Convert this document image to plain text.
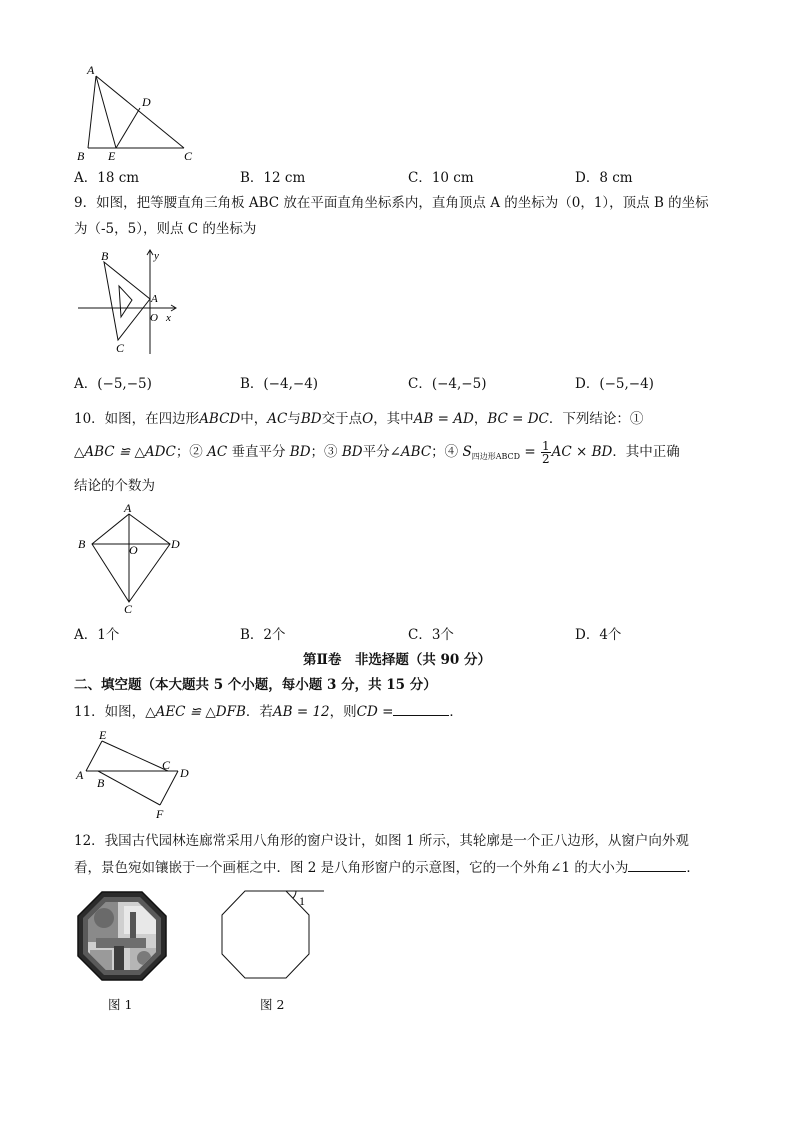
A
D
B E	C
A．18 cm	B．12 cm	C．10 cm	D．8 cm
9．如图，把等腰直角三角板 ABC 放在平面直角坐标系内，直角顶点 A 的坐标为（0，1），顶点 B 的坐标
为（-5，5），则点 C 的坐标为
B	y
A
O x
C
A．(−5,−5)	B．(−4,−4)	C．(−4,−5)	D．(−5,−4)
10．如图，在四边形ABCD中，AC与BD交于点O，其中AB = AD，BC = DC．下列结论：①
△ABC ≌ △ADC；② AC 垂直平分 BD；③ BD平分∠ABC；④ $S_{四边形ABCD} = \frac{1}{2}$ AC × BD．其中正确
结论的个数为
A
B	O	D
C
A．1个	B．2个	C．3个	D．4个
第Ⅱ卷　非选择题（共 90 分）
二、填空题（本大题共 5 个小题，每小题 3 分，共 15 分）
11．如图，△AEC ≌ △DFB．若AB = 12，则CD =	．
E
A
C
D
B
F
12．我国古代园林连廊常采用八角形的窗户设计，如图 1 所示，其轮廓是一个正八边形，从窗户向外观
看，景色宛如镶嵌于一个画框之中．图 2 是八角形窗户的示意图，它的一个外角∠1 的大小为	．
图 1
1
图 2
